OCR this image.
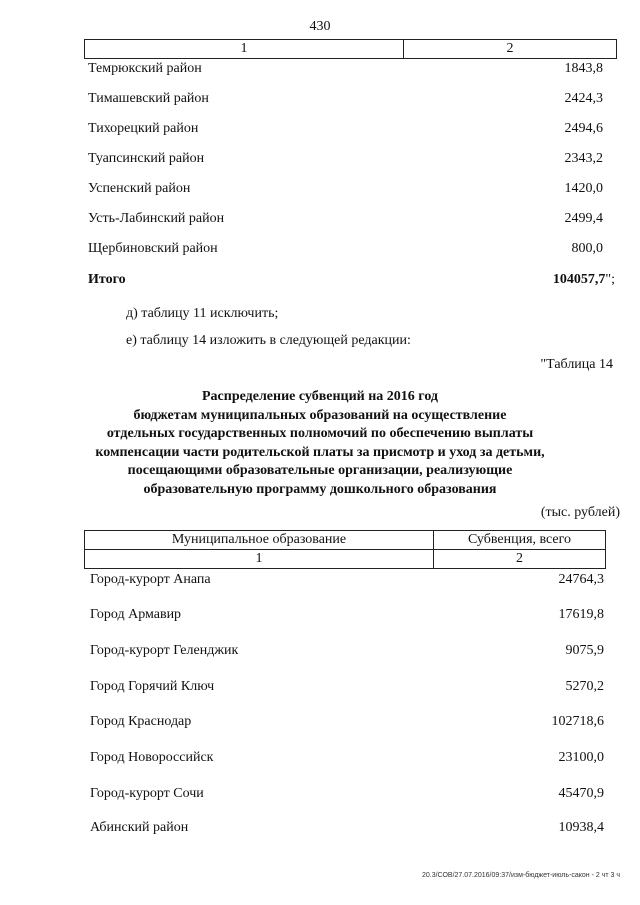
430
1	2
Темрюкский район	1843,8
Тимашевский район	2424,3
Тихорецкий район	2494,6
Туапсинский район	2343,2
Успенский район	1420,0
Усть-Лабинский район	2499,4
Щербиновский район	800,0
Итого	104057,7";
д) таблицу 11 исключить;
е) таблицу 14 изложить в следующей редакции:
"Таблица 14
Распределение субвенций на 2016 год
бюджетам муниципальных образований на осуществление
отдельных государственных полномочий по обеспечению выплаты
компенсации части родительской платы за присмотр и уход за детьми,
посещающими образовательные организации, реализующие
образовательную программу дошкольного образования
(тыс. рублей)
Муниципальное образование	Субвенция, всего
1	2
Город-курорт Анапа	24764,3
Город Армавир	17619,8
Город-курорт Геленджик	9075,9
Город Горячий Ключ	5270,2
Город Краснодар	102718,6
Город Новороссийск	23100,0
Город-курорт Сочи	45470,9
Абинский район	10938,4
20.3/СОВ/27.07.2016/09:37/изм-бюджет-июль-сакон - 2 чт 3 ч
